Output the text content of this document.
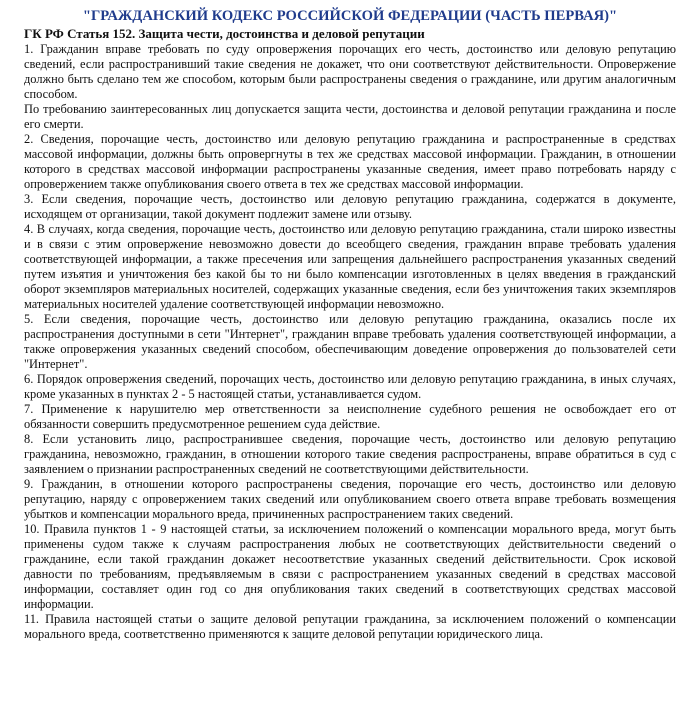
"ГРАЖДАНСКИЙ КОДЕКС РОССИЙСКОЙ ФЕДЕРАЦИИ (ЧАСТЬ ПЕРВАЯ)"
ГК РФ Статья 152. Защита чести, достоинства и деловой репутации

1. Гражданин вправе требовать по суду опровержения порочащих его честь, достоинство или деловую репутацию сведений, если распространивший такие сведения не докажет, что они соответствуют действительности. Опровержение должно быть сделано тем же способом, которым были распространены сведения о гражданине, или другим аналогичным способом.

По требованию заинтересованных лиц допускается защита чести, достоинства и деловой репутации гражданина и после его смерти.

2. Сведения, порочащие честь, достоинство или деловую репутацию гражданина и распространенные в средствах массовой информации, должны быть опровергнуты в тех же средствах массовой информации. Гражданин, в отношении которого в средствах массовой информации распространены указанные сведения, имеет право потребовать наряду с опровержением также опубликования своего ответа в тех же средствах массовой информации.

3. Если сведения, порочащие честь, достоинство или деловую репутацию гражданина, содержатся в документе, исходящем от организации, такой документ подлежит замене или отзыву.

4. В случаях, когда сведения, порочащие честь, достоинство или деловую репутацию гражданина, стали широко известны и в связи с этим опровержение невозможно довести до всеобщего сведения, гражданин вправе требовать удаления соответствующей информации, а также пресечения или запрещения дальнейшего распространения указанных сведений путем изъятия и уничтожения без какой бы то ни было компенсации изготовленных в целях введения в гражданский оборот экземпляров материальных носителей, содержащих указанные сведения, если без уничтожения таких экземпляров материальных носителей удаление соответствующей информации невозможно.

5. Если сведения, порочащие честь, достоинство или деловую репутацию гражданина, оказались после их распространения доступными в сети "Интернет", гражданин вправе требовать удаления соответствующей информации, а также опровержения указанных сведений способом, обеспечивающим доведение опровержения до пользователей сети "Интернет".

6. Порядок опровержения сведений, порочащих честь, достоинство или деловую репутацию гражданина, в иных случаях, кроме указанных в пунктах 2 - 5 настоящей статьи, устанавливается судом.

7. Применение к нарушителю мер ответственности за неисполнение судебного решения не освобождает его от обязанности совершить предусмотренное решением суда действие.

8. Если установить лицо, распространившее сведения, порочащие честь, достоинство или деловую репутацию гражданина, невозможно, гражданин, в отношении которого такие сведения распространены, вправе обратиться в суд с заявлением о признании распространенных сведений не соответствующими действительности.

9. Гражданин, в отношении которого распространены сведения, порочащие его честь, достоинство или деловую репутацию, наряду с опровержением таких сведений или опубликованием своего ответа вправе требовать возмещения убытков и компенсации морального вреда, причиненных распространением таких сведений.

10. Правила пунктов 1 - 9 настоящей статьи, за исключением положений о компенсации морального вреда, могут быть применены судом также к случаям распространения любых не соответствующих действительности сведений о гражданине, если такой гражданин докажет несоответствие указанных сведений действительности. Срок исковой давности по требованиям, предъявляемым в связи с распространением указанных сведений в средствах массовой информации, составляет один год со дня опубликования таких сведений в соответствующих средствах массовой информации.

11. Правила настоящей статьи о защите деловой репутации гражданина, за исключением положений о компенсации морального вреда, соответственно применяются к защите деловой репутации юридического лица.
